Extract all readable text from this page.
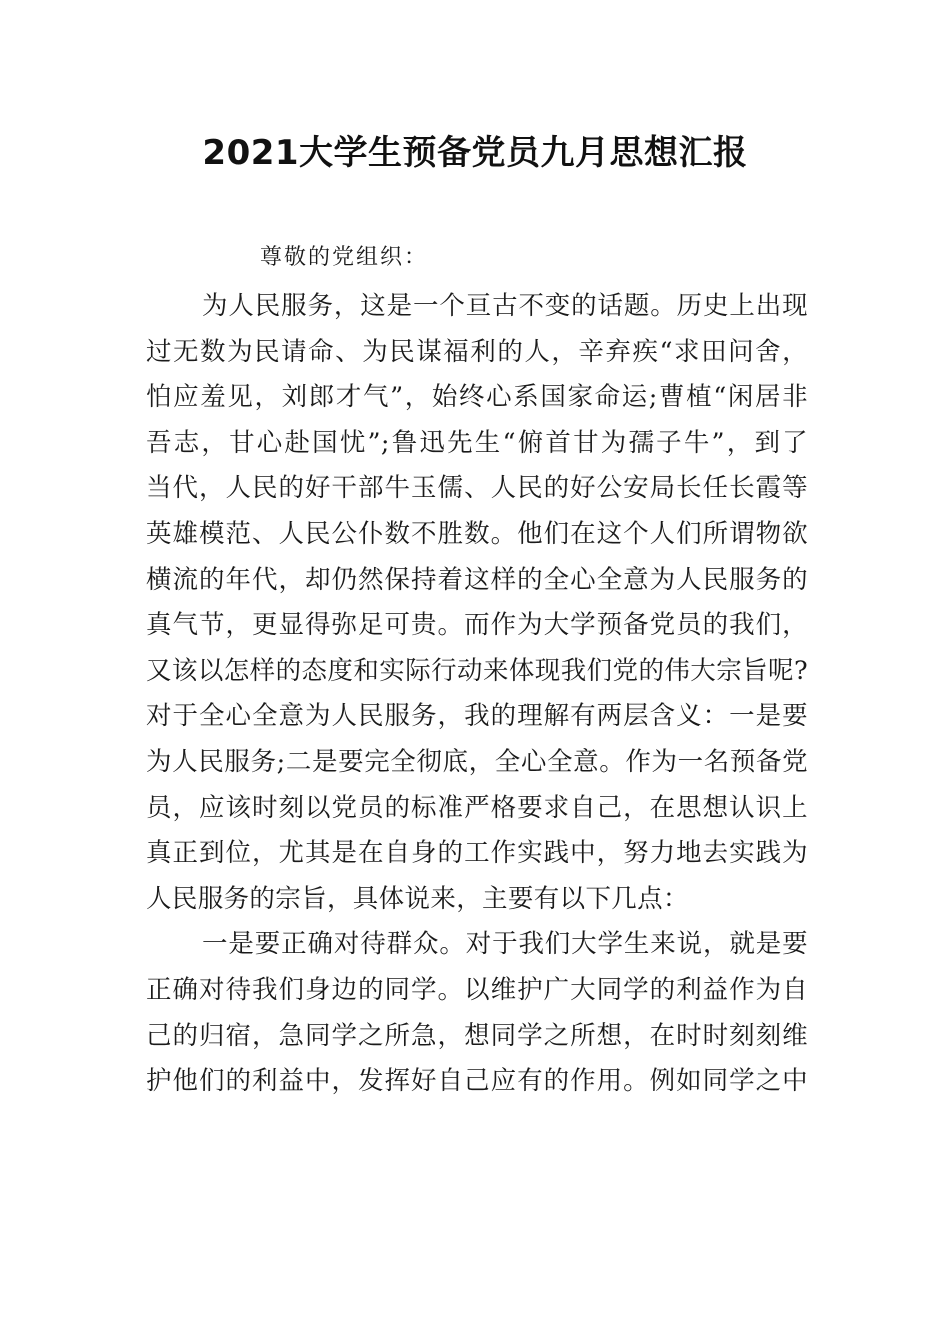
2021大学生预备党员九月思想汇报
尊敬的党组织：
为人民服务，这是一个亘古不变的话题。历史上出现
过无数为民请命、为民谋福利的人，辛弃疾“求田问舍，
怕应羞见，刘郎才气”，始终心系国家命运;曹植“闲居非
吾志，甘心赴国忧”;鲁迅先生“俯首甘为孺子牛”，到了
当代，人民的好干部牛玉儒、人民的好公安局长任长霞等
英雄模范、人民公仆数不胜数。他们在这个人们所谓物欲
横流的年代，却仍然保持着这样的全心全意为人民服务的
真气节，更显得弥足可贵。而作为大学预备党员的我们，
又该以怎样的态度和实际行动来体现我们党的伟大宗旨呢?
对于全心全意为人民服务，我的理解有两层含义：一是要
为人民服务;二是要完全彻底，全心全意。作为一名预备党
员，应该时刻以党员的标准严格要求自己，在思想认识上
真正到位，尤其是在自身的工作实践中，努力地去实践为
人民服务的宗旨，具体说来，主要有以下几点：
一是要正确对待群众。对于我们大学生来说，就是要
正确对待我们身边的同学。以维护广大同学的利益作为自
己的归宿，急同学之所急，想同学之所想，在时时刻刻维
护他们的利益中，发挥好自己应有的作用。例如同学之中
